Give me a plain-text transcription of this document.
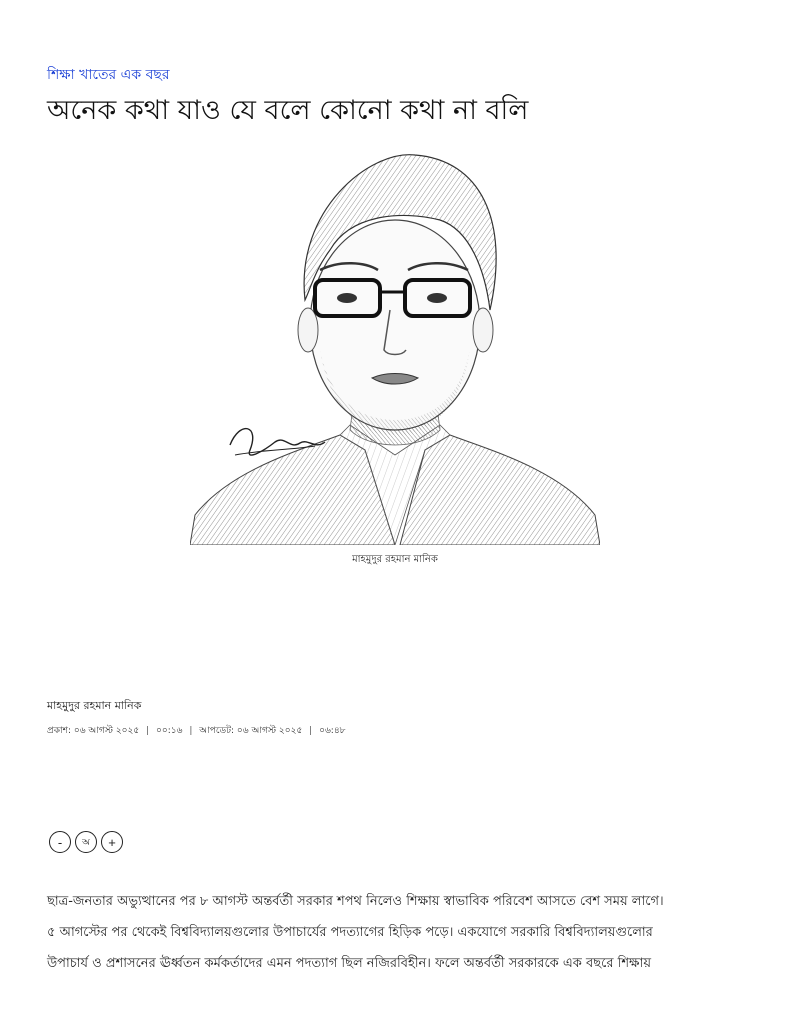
শিক্ষা খাতের এক বছর
অনেক কথা যাও যে বলে কোনো কথা না বলি
মাহমুদুর রহমান মানিক
মাহমুদুর রহমান মানিক
প্রকাশ: ০৬ আগস্ট ২০২৫ | ০০:১৬ | আপডেট: ০৬ আগস্ট ২০২৫ | ০৬:৪৮
-	অ	+

ছাত্র-জনতার অভ্যুত্থানের পর ৮ আগস্ট অন্তর্বর্তী সরকার শপথ নিলেও শিক্ষায় স্বাভাবিক পরিবেশ আসতে বেশ সময় লাগে।

৫ আগস্টের পর থেকেই বিশ্ববিদ্যালয়গুলোর উপাচার্যের পদত্যাগের হিড়িক পড়ে। একযোগে সরকারি বিশ্ববিদ্যালয়গুলোর

উপাচার্য ও প্রশাসনের ঊর্ধ্বতন কর্মকর্তাদের এমন পদত্যাগ ছিল নজিরবিহীন। ফলে অন্তর্বর্তী সরকারকে এক বছরে শিক্ষায়
